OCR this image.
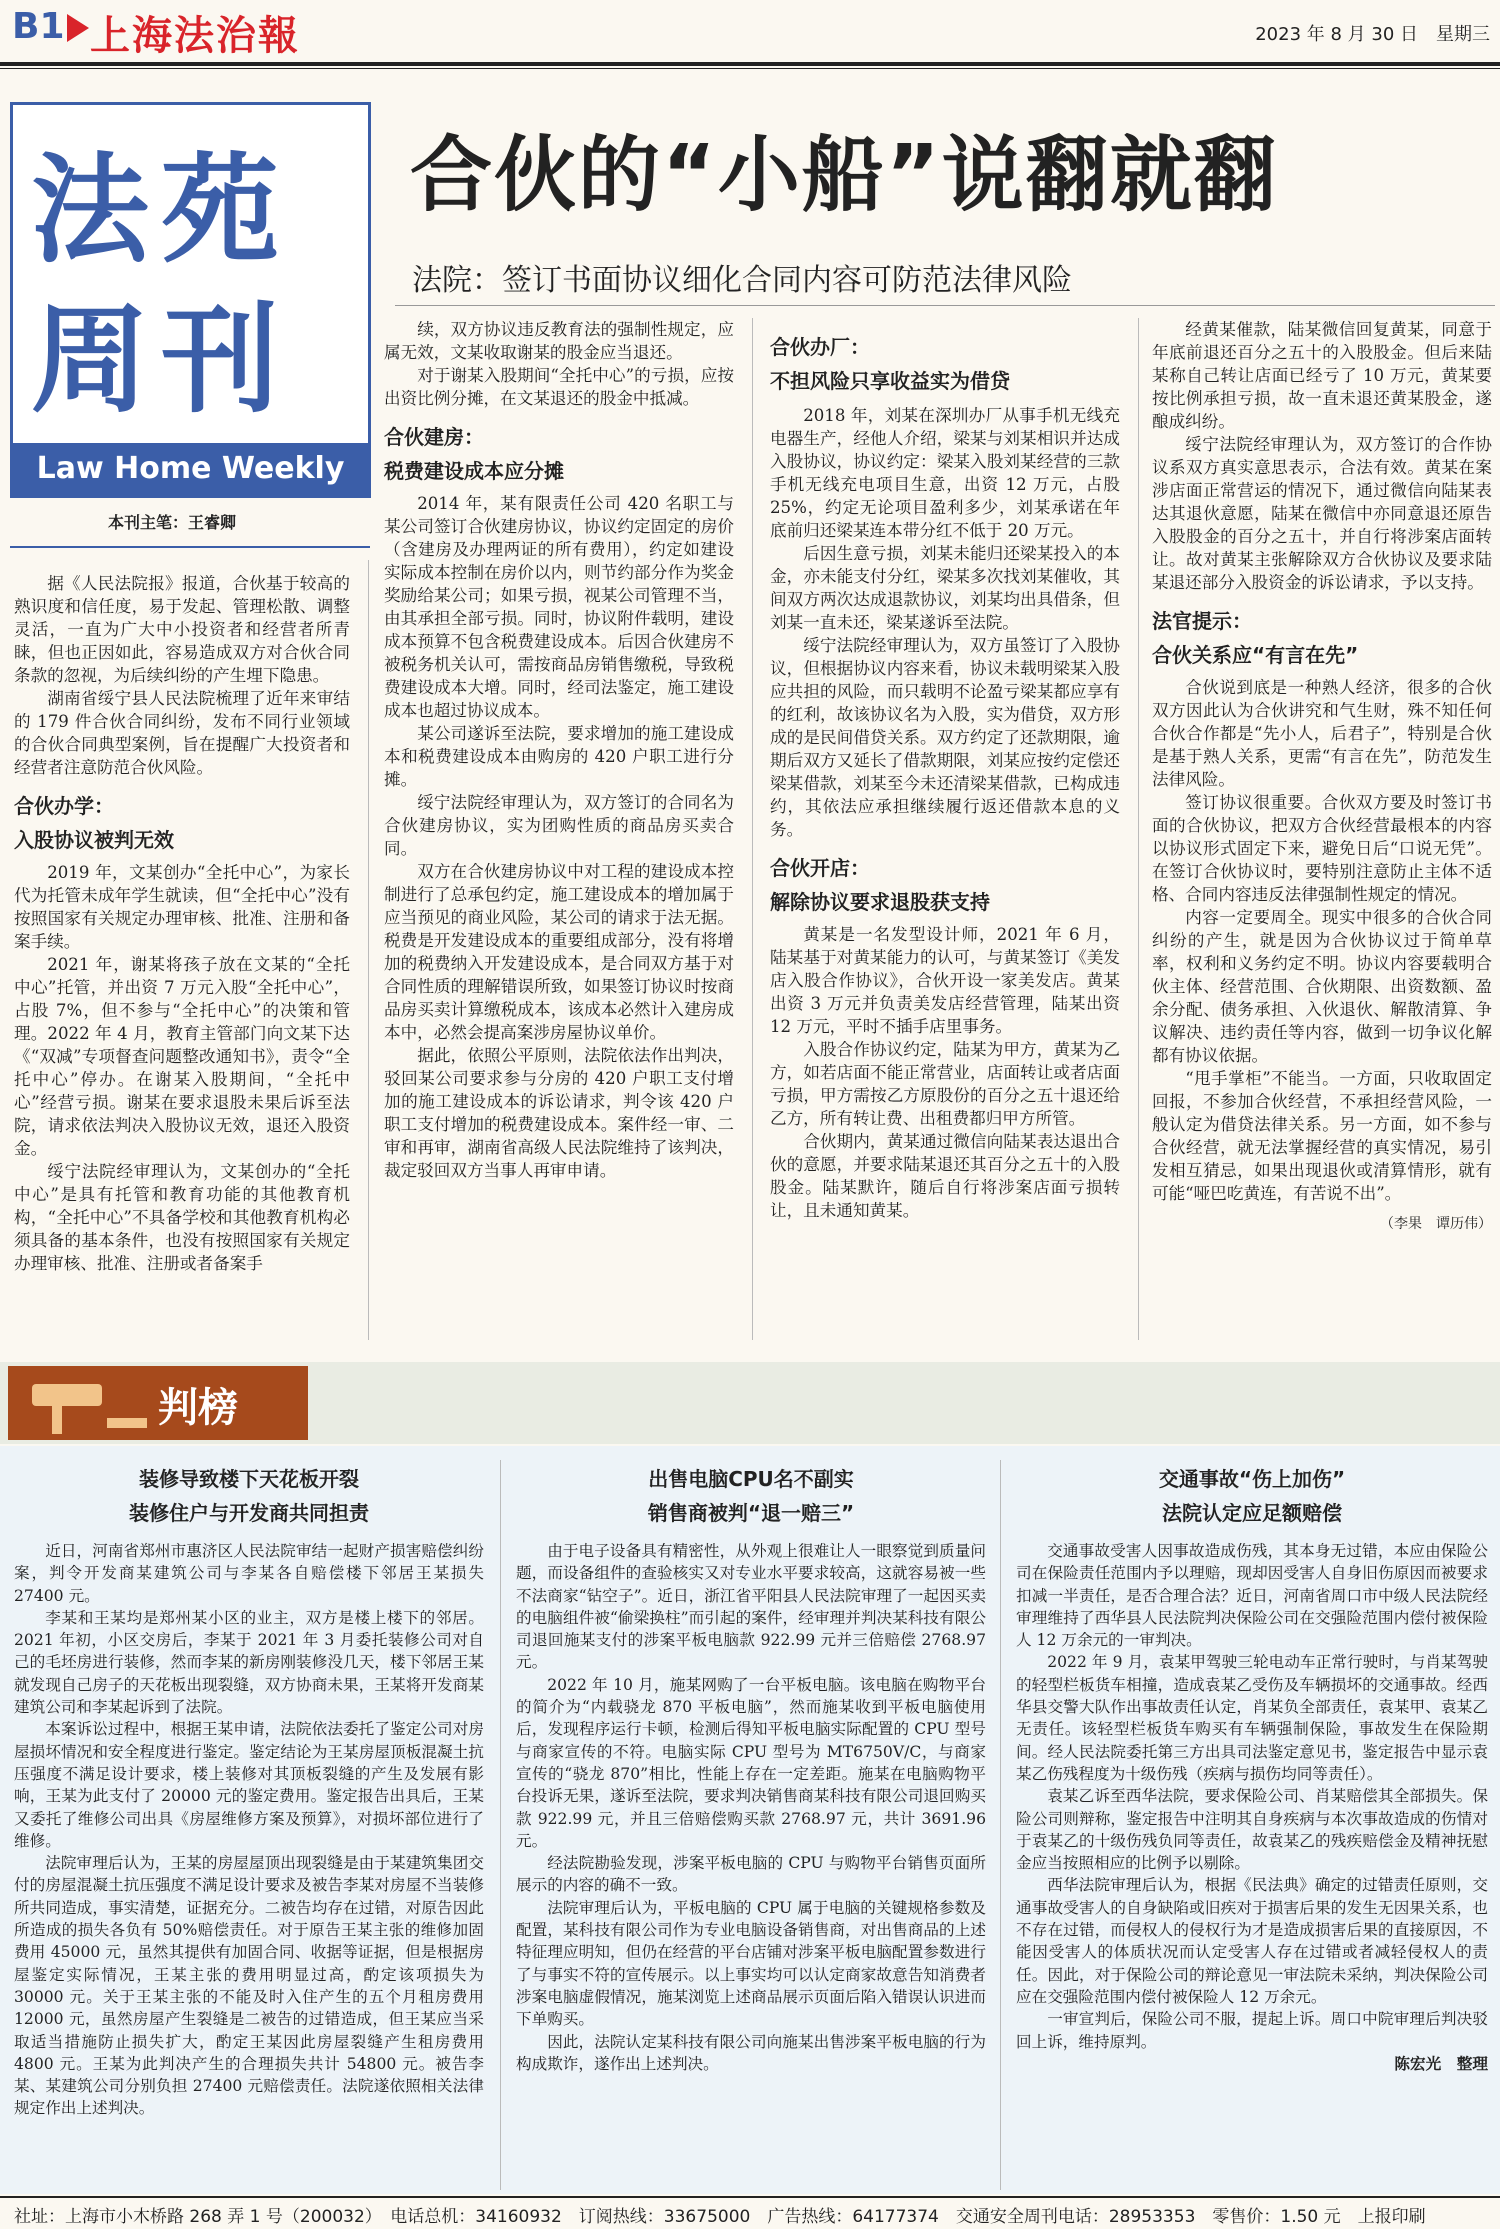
B1 上海法治報	2023 年 8 月 30 日　星期三
法苑
周刊
Law Home Weekly
本刊主笔：王睿卿
合伙的“小船”说翻就翻
法院：签订书面协议细化合同内容可防范法律风险

据《人民法院报》报道，合伙基于较高的熟识度和信任度，易于发起、管理松散、调整灵活，一直为广大中小投资者和经营者所青睐，但也正因如此，容易造成双方对合伙合同条款的忽视，为后续纠纷的产生埋下隐患。

湖南省绥宁县人民法院梳理了近年来审结的 179 件合伙合同纠纷，发布不同行业领域的合伙合同典型案例，旨在提醒广大投资者和经营者注意防范合伙风险。

合伙办学：
入股协议被判无效

2019 年，文某创办“全托中心”，为家长代为托管未成年学生就读，但“全托中心”没有按照国家有关规定办理审核、批准、注册和备案手续。

2021 年，谢某将孩子放在文某的“全托中心”托管，并出资 7 万元入股“全托中心”，占股 7%，但不参与“全托中心”的决策和管理。2022 年 4 月，教育主管部门向文某下达《“双减”专项督查问题整改通知书》，责令“全托中心”停办。在谢某入股期间，“全托中心”经营亏损。谢某在要求退股未果后诉至法院，请求依法判决入股协议无效，退还入股资金。

绥宁法院经审理认为，文某创办的“全托中心”是具有托管和教育功能的其他教育机构，“全托中心”不具备学校和其他教育机构必须具备的基本条件，也没有按照国家有关规定办理审核、批准、注册或者备案手

续，双方协议违反教育法的强制性规定，应属无效，文某收取谢某的股金应当退还。

对于谢某入股期间“全托中心”的亏损，应按出资比例分摊，在文某退还的股金中抵减。

合伙建房：
税费建设成本应分摊

2014 年，某有限责任公司 420 名职工与某公司签订合伙建房协议，协议约定固定的房价（含建房及办理两证的所有费用），约定如建设实际成本控制在房价以内，则节约部分作为奖金奖励给某公司；如果亏损，视某公司管理不当，由其承担全部亏损。同时，协议附件载明，建设成本预算不包含税费建设成本。后因合伙建房不被税务机关认可，需按商品房销售缴税，导致税费建设成本大增。同时，经司法鉴定，施工建设成本也超过协议成本。

某公司遂诉至法院，要求增加的施工建设成本和税费建设成本由购房的 420 户职工进行分摊。

绥宁法院经审理认为，双方签订的合同名为合伙建房协议，实为团购性质的商品房买卖合同。

双方在合伙建房协议中对工程的建设成本控制进行了总承包约定，施工建设成本的增加属于应当预见的商业风险，某公司的请求于法无据。税费是开发建设成本的重要组成部分，没有将增加的税费纳入开发建设成本，是合同双方基于对合同性质的理解错误所致，如果签订协议时按商品房买卖计算缴税成本，该成本必然计入建房成本中，必然会提高案涉房屋协议单价。

据此，依照公平原则，法院依法作出判决，驳回某公司要求参与分房的 420 户职工支付增加的施工建设成本的诉讼请求，判令该 420 户职工支付增加的税费建设成本。案件经一审、二审和再审，湖南省高级人民法院维持了该判决，裁定驳回双方当事人再审申请。

合伙办厂：
不担风险只享收益实为借贷

2018 年，刘某在深圳办厂从事手机无线充电器生产，经他人介绍，梁某与刘某相识并达成入股协议，协议约定：梁某入股刘某经营的三款手机无线充电项目生意，出资 12 万元，占股 25%，约定无论项目盈利多少，刘某承诺在年底前归还梁某连本带分红不低于 20 万元。

后因生意亏损，刘某未能归还梁某投入的本金，亦未能支付分红，梁某多次找刘某催收，其间双方两次达成退款协议，刘某均出具借条，但刘某一直未还，梁某遂诉至法院。

绥宁法院经审理认为，双方虽签订了入股协议，但根据协议内容来看，协议未载明梁某入股应共担的风险，而只载明不论盈亏梁某都应享有的红利，故该协议名为入股，实为借贷，双方形成的是民间借贷关系。双方约定了还款期限，逾期后双方又延长了借款期限，刘某应按约定偿还梁某借款，刘某至今未还清梁某借款，已构成违约，其依法应承担继续履行返还借款本息的义务。

合伙开店：
解除协议要求退股获支持

黄某是一名发型设计师，2021 年 6 月，陆某基于对黄某能力的认可，与黄某签订《美发店入股合作协议》，合伙开设一家美发店。黄某出资 3 万元并负责美发店经营管理，陆某出资 12 万元，平时不插手店里事务。

入股合作协议约定，陆某为甲方，黄某为乙方，如若店面不能正常营业，店面转让或者店面亏损，甲方需按乙方原股份的百分之五十退还给乙方，所有转让费、出租费都归甲方所管。

合伙期内，黄某通过微信向陆某表达退出合伙的意愿，并要求陆某退还其百分之五十的入股股金。陆某默许，随后自行将涉案店面亏损转让，且未通知黄某。

经黄某催款，陆某微信回复黄某，同意于年底前退还百分之五十的入股股金。但后来陆某称自己转让店面已经亏了 10 万元，黄某要按比例承担亏损，故一直未退还黄某股金，遂酿成纠纷。

绥宁法院经审理认为，双方签订的合作协议系双方真实意思表示，合法有效。黄某在案涉店面正常营运的情况下，通过微信向陆某表达其退伙意愿，陆某在微信中亦同意退还原告入股股金的百分之五十，并自行将涉案店面转让。故对黄某主张解除双方合伙协议及要求陆某退还部分入股资金的诉讼请求，予以支持。

法官提示：
合伙关系应“有言在先”

合伙说到底是一种熟人经济，很多的合伙双方因此认为合伙讲究和气生财，殊不知任何合伙合作都是“先小人，后君子”，特别是合伙是基于熟人关系，更需“有言在先”，防范发生法律风险。

签订协议很重要。合伙双方要及时签订书面的合伙协议，把双方合伙经营最根本的内容以协议形式固定下来，避免日后“口说无凭”。在签订合伙协议时，要特别注意防止主体不适格、合同内容违反法律强制性规定的情况。

内容一定要周全。现实中很多的合伙合同纠纷的产生，就是因为合伙协议过于简单草率，权利和义务约定不明。协议内容要载明合伙主体、经营范围、合伙期限、出资数额、盈余分配、债务承担、入伙退伙、解散清算、争议解决、违约责任等内容，做到一切争议化解都有协议依据。

“甩手掌柜”不能当。一方面，只收取固定回报，不参加合伙经营，不承担经营风险，一般认定为借贷法律关系。另一方面，如不参与合伙经营，就无法掌握经营的真实情况，易引发相互猜忌，如果出现退伙或清算情形，就有可能“哑巴吃黄连，有苦说不出”。

（李果　谭历伟）
判榜
装修导致楼下天花板开裂
装修住户与开发商共同担责

近日，河南省郑州市惠济区人民法院审结一起财产损害赔偿纠纷案，判令开发商某建筑公司与李某各自赔偿楼下邻居王某损失 27400 元。

李某和王某均是郑州某小区的业主，双方是楼上楼下的邻居。2021 年初，小区交房后，李某于 2021 年 3 月委托装修公司对自己的毛坯房进行装修，然而李某的新房刚装修没几天，楼下邻居王某就发现自己房子的天花板出现裂缝，双方协商未果，王某将开发商某建筑公司和李某起诉到了法院。

本案诉讼过程中，根据王某申请，法院依法委托了鉴定公司对房屋损坏情况和安全程度进行鉴定。鉴定结论为王某房屋顶板混凝土抗压强度不满足设计要求，楼上装修对其顶板裂缝的产生及发展有影响，王某为此支付了 20000 元的鉴定费用。鉴定报告出具后，王某又委托了维修公司出具《房屋维修方案及预算》，对损坏部位进行了维修。

法院审理后认为，王某的房屋屋顶出现裂缝是由于某建筑集团交付的房屋混凝土抗压强度不满足设计要求及被告李某对房屋不当装修所共同造成，事实清楚，证据充分。二被告均存在过错，对原告因此所造成的损失各负有 50%赔偿责任。对于原告王某主张的维修加固费用 45000 元，虽然其提供有加固合同、收据等证据，但是根据房屋鉴定实际情况，王某主张的费用明显过高，酌定该项损失为 30000 元。关于王某主张的不能及时入住产生的五个月租房费用 12000 元，虽然房屋产生裂缝是二被告的过错造成，但王某应当采取适当措施防止损失扩大，酌定王某因此房屋裂缝产生租房费用 4800 元。王某为此判决产生的合理损失共计 54800 元。被告李某、某建筑公司分别负担 27400 元赔偿责任。法院遂依照相关法律规定作出上述判决。

出售电脑CPU名不副实
销售商被判“退一赔三”

由于电子设备具有精密性，从外观上很难让人一眼察觉到质量问题，而设备组件的查验核实又对专业水平要求较高，这就容易被一些不法商家“钻空子”。近日，浙江省平阳县人民法院审理了一起因买卖的电脑组件被“偷梁换柱”而引起的案件，经审理并判决某科技有限公司退回施某支付的涉案平板电脑款 922.99 元并三倍赔偿 2768.97 元。

2022 年 10 月，施某网购了一台平板电脑。该电脑在购物平台的简介为“内载骁龙 870 平板电脑”，然而施某收到平板电脑使用后，发现程序运行卡顿，检测后得知平板电脑实际配置的 CPU 型号与商家宣传的不符。电脑实际 CPU 型号为 MT6750V/C，与商家宣传的“骁龙 870”相比，性能上存在一定差距。施某在电脑购物平台投诉无果，遂诉至法院，要求判决销售商某科技有限公司退回购买款 922.99 元，并且三倍赔偿购买款 2768.97 元，共计 3691.96 元。

经法院勘验发现，涉案平板电脑的 CPU 与购物平台销售页面所展示的内容的确不一致。

法院审理后认为，平板电脑的 CPU 属于电脑的关键规格参数及配置，某科技有限公司作为专业电脑设备销售商，对出售商品的上述特征理应明知，但仍在经营的平台店铺对涉案平板电脑配置参数进行了与事实不符的宣传展示。以上事实均可以认定商家故意告知消费者涉案电脑虚假情况，施某浏览上述商品展示页面后陷入错误认识进而下单购买。

因此，法院认定某科技有限公司向施某出售涉案平板电脑的行为构成欺诈，遂作出上述判决。

交通事故“伤上加伤”
法院认定应足额赔偿

交通事故受害人因事故造成伤残，其本身无过错，本应由保险公司在保险责任范围内予以理赔，现却因受害人自身旧伤原因而被要求扣减一半责任，是否合理合法？近日，河南省周口市中级人民法院经审理维持了西华县人民法院判决保险公司在交强险范围内偿付被保险人 12 万余元的一审判决。

2022 年 9 月，袁某甲驾驶三轮电动车正常行驶时，与肖某驾驶的轻型栏板货车相撞，造成袁某乙受伤及车辆损坏的交通事故。经西华县交警大队作出事故责任认定，肖某负全部责任，袁某甲、袁某乙无责任。该轻型栏板货车购买有车辆强制保险，事故发生在保险期间。经人民法院委托第三方出具司法鉴定意见书，鉴定报告中显示袁某乙伤残程度为十级伤残（疾病与损伤均同等责任）。

袁某乙诉至西华法院，要求保险公司、肖某赔偿其全部损失。保险公司则辩称，鉴定报告中注明其自身疾病与本次事故造成的伤情对于袁某乙的十级伤残负同等责任，故袁某乙的残疾赔偿金及精神抚慰金应当按照相应的比例予以剔除。

西华法院审理后认为，根据《民法典》确定的过错责任原则，交通事故受害人的自身缺陷或旧疾对于损害后果的发生无因果关系，也不存在过错，而侵权人的侵权行为才是造成损害后果的直接原因，不能因受害人的体质状况而认定受害人存在过错或者减轻侵权人的责任。因此，对于保险公司的辩论意见一审法院未采纳，判决保险公司应在交强险范围内偿付被保险人 12 万余元。

一审宣判后，保险公司不服，提起上诉。周口中院审理后判决驳回上诉，维持原判。

陈宏光　整理
社址：上海市小木桥路 268 弄 1 号（200032）　电话总机：34160932　订阅热线：33675000　广告热线：64177374　交通安全周刊电话：28953353　零售价：1.50 元　上报印刷
